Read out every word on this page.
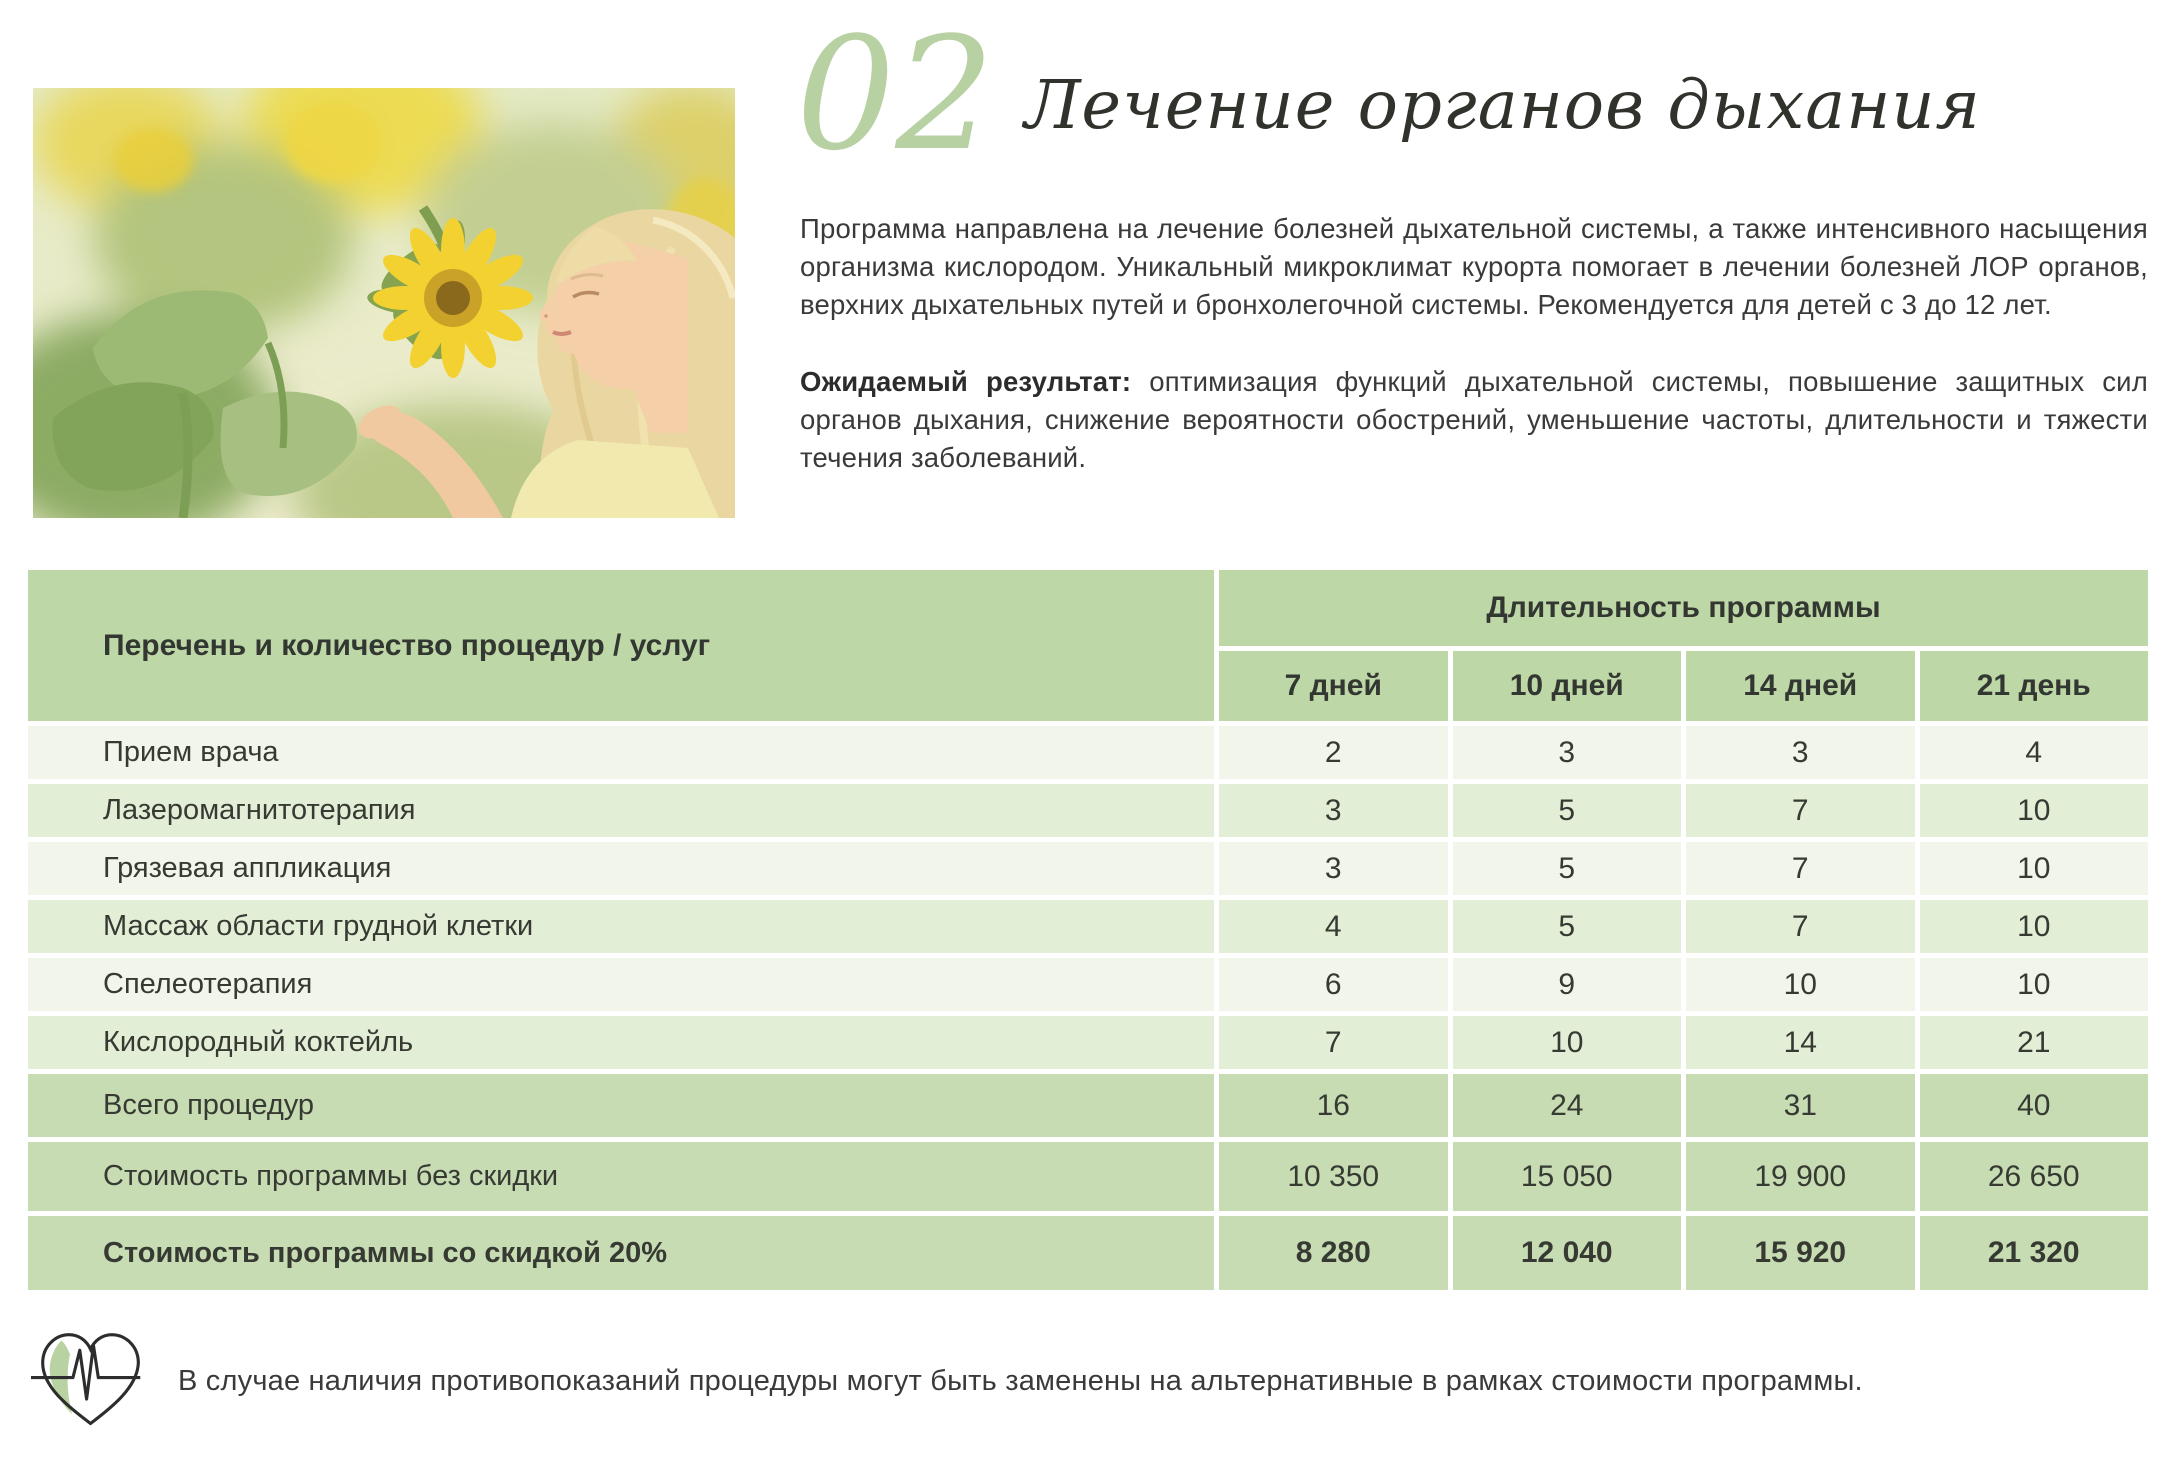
02 Лечение органов дыхания

Программа направлена на лечение болезней дыхательной системы, а также интенсивного насыщения организма кислородом. Уникальный микроклимат курорта помогает в лечении болезней ЛОР органов, верхних дыхательных путей и бронхолегочной системы. Рекомендуется для детей с 3 до 12 лет.

Ожидаемый результат: оптимизация функций дыхательной системы, повышение защитных сил органов дыхания, снижение вероятности обострений, уменьшение частоты, длительности и тяжести течения заболеваний.

Перечень и количество процедур / услуг
Длительность программы
7 дней	10 дней	14 дней	21 день
Прием врача	2	3	3	4
Лазеромагнитотерапия	3	5	7	10
Грязевая аппликация	3	5	7	10
Массаж области грудной клетки	4	5	7	10
Спелеотерапия	6	9	10	10
Кислородный коктейль	7	10	14	21
Всего процедур	16	24	31	40
Стоимость программы без скидки	10 350	15 050	19 900	26 650
Стоимость программы со скидкой 20%	8 280	12 040	15 920	21 320
В случае наличия противопоказаний процедуры могут быть заменены на альтернативные в рамках стоимости программы.
